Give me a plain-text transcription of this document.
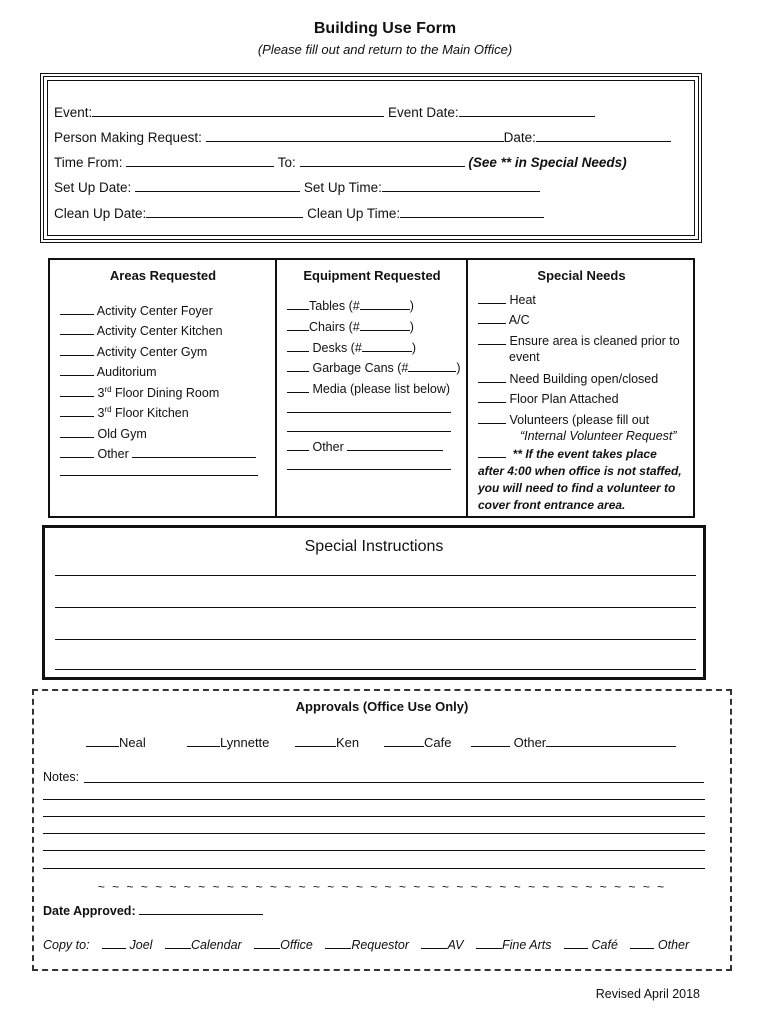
Building Use Form
(Please fill out and return to the Main Office)
Event:	Event Date:
Person Making Request:	Date:
Time From:	To:	(See ** in Special Needs)
Set Up Date:	Set Up Time:
Clean Up Date:	Clean Up Time:
Areas Requested
Activity Center Foyer
Activity Center Kitchen
Activity Center Gym
Auditorium
3rd Floor Dining Room
3rd Floor Kitchen
Old Gym
Other
Equipment Requested
Tables (#	)
Chairs (#	)
Desks (#	)
Garbage Cans (#	)
Media (please list below)
Other
Special Needs
Heat
A/C
Ensure area is cleaned prior to
event
Need Building open/closed
Floor Plan Attached
Volunteers (please fill out
“Internal Volunteer Request”
** If the event takes place
after 4:00 when office is not staffed,
you will need to find a volunteer to
cover front entrance area.
Special Instructions
Approvals (Office Use Only)
Neal	Lynnette	Ken	Cafe	Other
Notes:
~ ~ ~ ~ ~ ~ ~ ~ ~ ~ ~ ~ ~ ~ ~ ~ ~ ~ ~ ~ ~ ~ ~ ~ ~ ~ ~ ~ ~ ~ ~ ~ ~ ~ ~ ~ ~ ~ ~ ~
Date Approved:
Copy to:	Joel	Calendar	Office	Requestor	AV	Fine Arts	Café	Other
Revised April 2018
